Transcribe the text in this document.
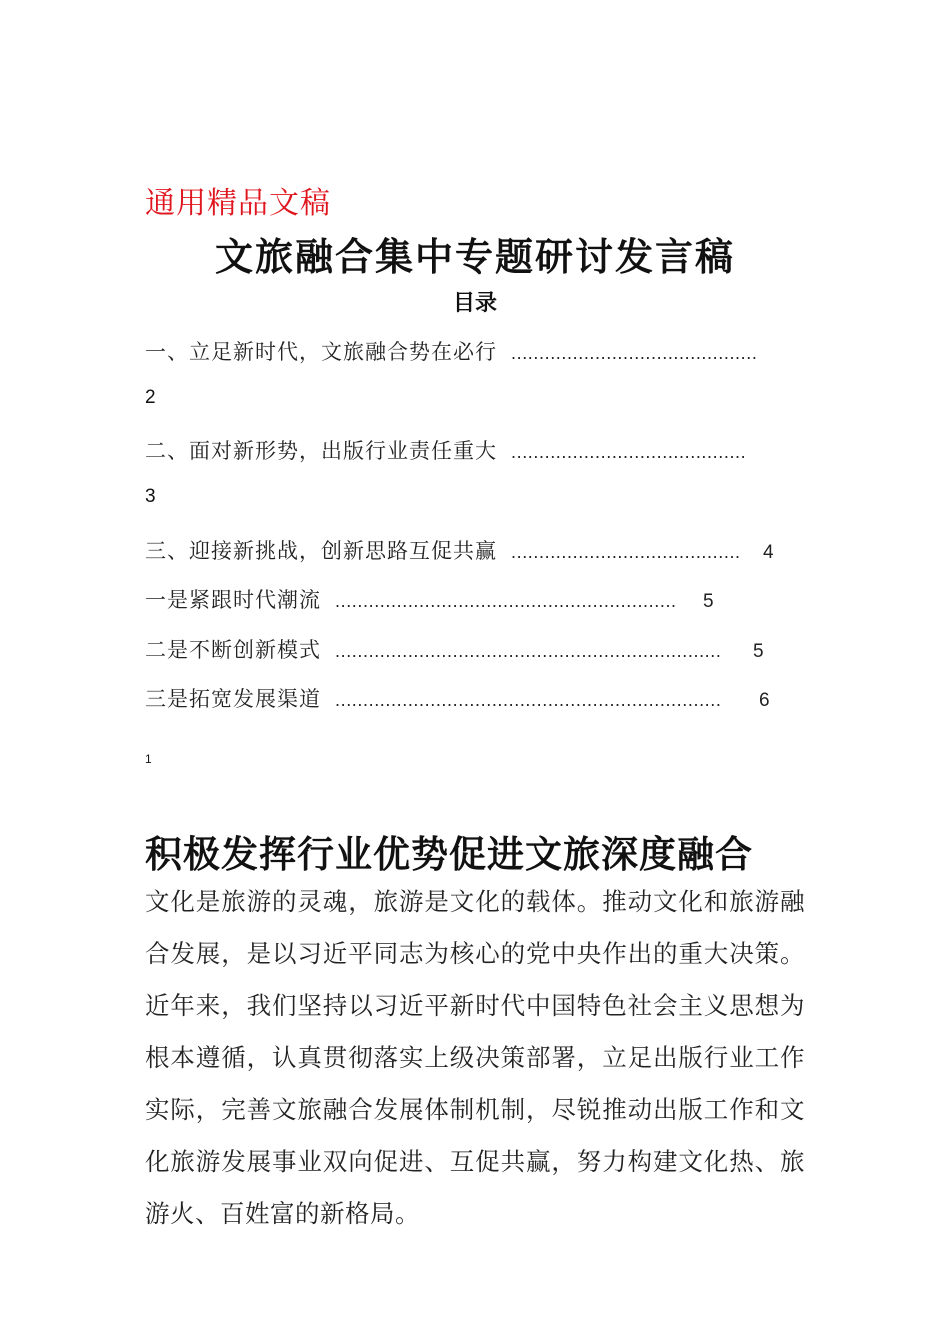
通用精品文稿
文旅融合集中专题研讨发言稿
目录
一、立足新时代，文旅融合势在必行 ............................................
2
二、面对新形势，出版行业责任重大 ..........................................
3
三、迎接新挑战，创新思路互促共赢 .........................................	4
一是紧跟时代潮流 .............................................................	5
二是不断创新模式 .....................................................................	5
三是拓宽发展渠道 .....................................................................	6
1
积极发挥行业优势促进文旅深度融合
文化是旅游的灵魂，旅游是文化的载体。推动文化和旅游融合发展，是以习近平同志为核心的党中央作出的重大决策。近年来，我们坚持以习近平新时代中国特色社会主义思想为根本遵循，认真贯彻落实上级决策部署，立足出版行业工作实际，完善文旅融合发展体制机制，尽锐推动出版工作和文化旅游发展事业双向促进、互促共赢，努力构建文化热、旅游火、百姓富的新格局。
